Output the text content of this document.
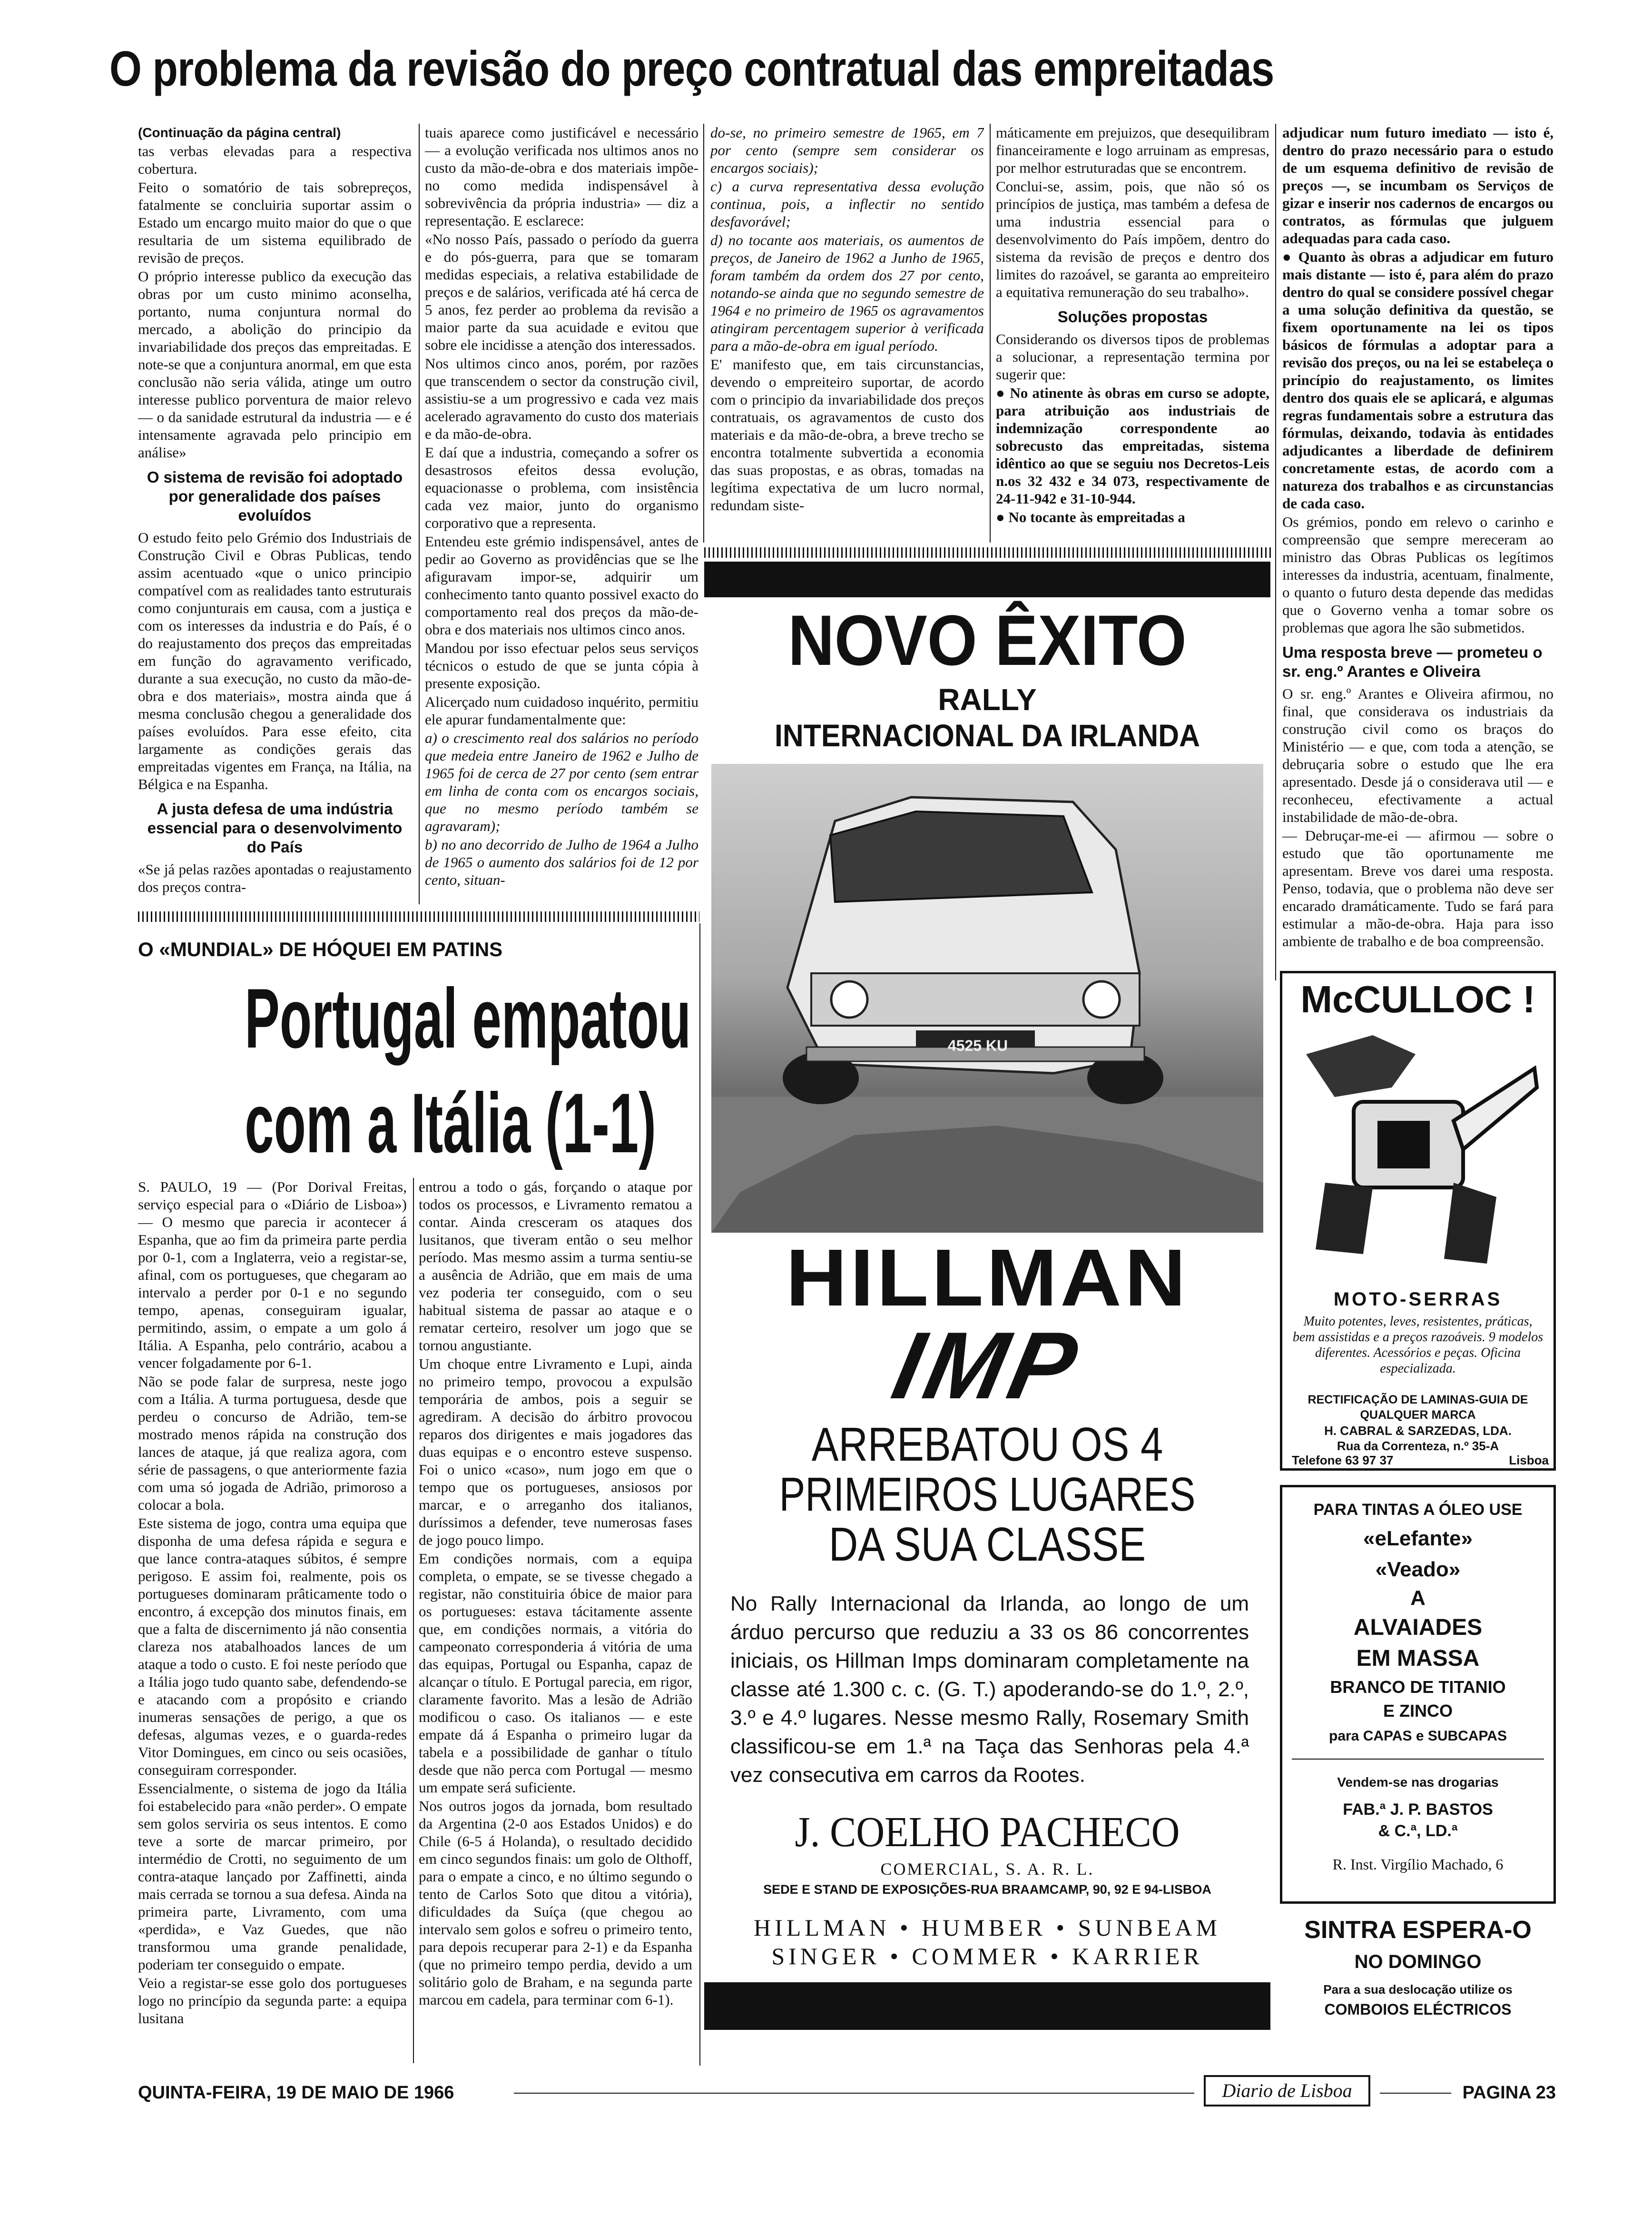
O problema da revisão do preço contratual das empreitadas

(Continuação da página central)

tas verbas elevadas para a respectiva cobertura.

Feito o somatório de tais sobrepreços, fatalmente se concluiria suportar assim o Estado um encargo muito maior do que o que resultaria de um sistema equilibrado de revisão de preços.

O próprio interesse publico da execução das obras por um custo minimo aconselha, portanto, numa conjuntura normal do mercado, a abolição do principio da invariabilidade dos preços das empreitadas. E note-se que a conjuntura anormal, em que esta conclusão não seria válida, atinge um outro interesse publico porventura de maior relevo — o da sanidade estrutural da industria — e é intensamente agravada pelo principio em análise»

O sistema de revisão foi adoptado por generalidade dos países evoluídos

O estudo feito pelo Grémio dos Industriais de Construção Civil e Obras Publicas, tendo assim acentuado «que o unico principio compatível com as realidades tanto estruturais como conjunturais em causa, com a justiça e com os interesses da industria e do País, é o do reajustamento dos preços das empreitadas em função do agravamento verificado, durante a sua execução, no custo da mão-de-obra e dos materiais», mostra ainda que á mesma conclusão chegou a generalidade dos países evoluídos. Para esse efeito, cita largamente as condições gerais das empreitadas vigentes em França, na Itália, na Bélgica e na Espanha.

A justa defesa de uma indústria essencial para o desenvolvimento do País

«Se já pelas razões apontadas o reajustamento dos preços contra-

tuais aparece como justificável e necessário — a evolução verificada nos ultimos anos no custo da mão-de-obra e dos materiais impõe-no como medida indispensável à sobrevivência da própria industria» — diz a representação. E esclarece:

«No nosso País, passado o período da guerra e do pós-guerra, para que se tomaram medidas especiais, a relativa estabilidade de preços e de salários, verificada até há cerca de 5 anos, fez perder ao problema da revisão a maior parte da sua acuidade e evitou que sobre ele incidisse a atenção dos interessados.

Nos ultimos cinco anos, porém, por razões que transcendem o sector da construção civil, assistiu-se a um progressivo e cada vez mais acelerado agravamento do custo dos materiais e da mão-de-obra.

E daí que a industria, começando a sofrer os desastrosos efeitos dessa evolução, equacionasse o problema, com insistência cada vez maior, junto do organismo corporativo que a representa.

Entendeu este grémio indispensável, antes de pedir ao Governo as providências que se lhe afiguravam impor-se, adquirir um conhecimento tanto quanto possivel exacto do comportamento real dos preços da mão-de-obra e dos materiais nos ultimos cinco anos.

Mandou por isso efectuar pelos seus serviços técnicos o estudo de que se junta cópia à presente exposição.

Alicerçado num cuidadoso inquérito, permitiu ele apurar fundamentalmente que:

a) o crescimento real dos salários no período que medeia entre Janeiro de 1962 e Julho de 1965 foi de cerca de 27 por cento (sem entrar em linha de conta com os encargos sociais, que no mesmo período também se agravaram);

b) no ano decorrido de Julho de 1964 a Julho de 1965 o aumento dos salários foi de 12 por cento, situan-

do-se, no primeiro semestre de 1965, em 7 por cento (sempre sem considerar os encargos sociais);

c) a curva representativa dessa evolução continua, pois, a inflectir no sentido desfavorável;

d) no tocante aos materiais, os aumentos de preços, de Janeiro de 1962 a Junho de 1965, foram também da ordem dos 27 por cento, notando-se ainda que no segundo semestre de 1964 e no primeiro de 1965 os agravamentos atingiram percentagem superior à verificada para a mão-de-obra em igual período.

E' manifesto que, em tais circunstancias, devendo o empreiteiro suportar, de acordo com o principio da invariabilidade dos preços contratuais, os agravamentos de custo dos materiais e da mão-de-obra, a breve trecho se encontra totalmente subvertida a economia das suas propostas, e as obras, tomadas na legítima expectativa de um lucro normal, redundam siste-

máticamente em prejuizos, que desequilibram financeiramente e logo arruinam as empresas, por melhor estruturadas que se encontrem.

Conclui-se, assim, pois, que não só os princípios de justiça, mas também a defesa de uma industria essencial para o desenvolvimento do País impõem, dentro do sistema da revisão de preços e dentro dos limites do razoável, se garanta ao empreiteiro a equitativa remuneração do seu trabalho».

Soluções propostas

Considerando os diversos tipos de problemas a solucionar, a representação termina por sugerir que:

● No atinente às obras em curso se adopte, para atribuição aos industriais de indemnização correspondente ao sobrecusto das empreitadas, sistema idêntico ao que se seguiu nos Decretos-Leis n.os 32 432 e 34 073, respectivamente de 24-11-942 e 31-10-944.

● No tocante às empreitadas a

adjudicar num futuro imediato — isto é, dentro do prazo necessário para o estudo de um esquema definitivo de revisão de preços —, se incumbam os Serviços de gizar e inserir nos cadernos de encargos ou contratos, as fórmulas que julguem adequadas para cada caso.

● Quanto às obras a adjudicar em futuro mais distante — isto é, para além do prazo dentro do qual se considere possível chegar a uma solução definitiva da questão, se fixem oportunamente na lei os tipos básicos de fórmulas a adoptar para a revisão dos preços, ou na lei se estabeleça o princípio do reajustamento, os limites dentro dos quais ele se aplicará, e algumas regras fundamentais sobre a estrutura das fórmulas, deixando, todavia às entidades adjudicantes a liberdade de definirem concretamente estas, de acordo com a natureza dos trabalhos e as circunstancias de cada caso.

Os grémios, pondo em relevo o carinho e compreensão que sempre mereceram ao ministro das Obras Publicas os legítimos interesses da industria, acentuam, finalmente, o quanto o futuro desta depende das medidas que o Governo venha a tomar sobre os problemas que agora lhe são submetidos.

Uma resposta breve — prometeu o sr. eng.º Arantes e Oliveira

O sr. eng.º Arantes e Oliveira afirmou, no final, que considerava os industriais da construção civil como os braços do Ministério — e que, com toda a atenção, se debruçaria sobre o estudo que lhe era apresentado. Desde já o considerava util — e reconheceu, efectivamente a actual instabilidade de mão-de-obra.

— Debruçar-me-ei — afirmou — sobre o estudo que tão oportunamente me apresentam. Breve vos darei uma resposta. Penso, todavia, que o problema não deve ser encarado dramáticamente. Tudo se fará para estimular a mão-de-obra. Haja para isso ambiente de trabalho e de boa compreensão.

O «MUNDIAL» DE HÓQUEI EM PATINS
Portugal empatou
com a Itália (1-1)

S. PAULO, 19 — (Por Dorival Freitas, serviço especial para o «Diário de Lisboa») — O mesmo que parecia ir acontecer á Espanha, que ao fim da primeira parte perdia por 0-1, com a Inglaterra, veio a registar-se, afinal, com os portugueses, que chegaram ao intervalo a perder por 0-1 e no segundo tempo, apenas, conseguiram igualar, permitindo, assim, o empate a um golo á Itália. A Espanha, pelo contrário, acabou a vencer folgadamente por 6-1.

Não se pode falar de surpresa, neste jogo com a Itália. A turma portuguesa, desde que perdeu o concurso de Adrião, tem-se mostrado menos rápida na construção dos lances de ataque, já que realiza agora, com série de passagens, o que anteriormente fazia com uma só jogada de Adrião, primoroso a colocar a bola.

Este sistema de jogo, contra uma equipa que disponha de uma defesa rápida e segura e que lance contra-ataques súbitos, é sempre perigoso. E assim foi, realmente, pois os portugueses dominaram prâticamente todo o encontro, á excepção dos minutos finais, em que a falta de discernimento já não consentia clareza nos atabalhoados lances de um ataque a todo o custo. E foi neste período que a Itália jogo tudo quanto sabe, defendendo-se e atacando com a propósito e criando inumeras sensações de perigo, a que os defesas, algumas vezes, e o guarda-redes Vitor Domingues, em cinco ou seis ocasiões, conseguiram corresponder.

Essencialmente, o sistema de jogo da Itália foi estabelecido para «não perder». O empate sem golos serviria os seus intentos. E como teve a sorte de marcar primeiro, por intermédio de Crotti, no seguimento de um contra-ataque lançado por Zaffinetti, ainda mais cerrada se tornou a sua defesa. Ainda na primeira parte, Livramento, com uma «perdida», e Vaz Guedes, que não transformou uma grande penalidade, poderiam ter conseguido o empate.

Veio a registar-se esse golo dos portugueses logo no princípio da segunda parte: a equipa lusitana

entrou a todo o gás, forçando o ataque por todos os processos, e Livramento rematou a contar. Ainda cresceram os ataques dos lusitanos, que tiveram então o seu melhor período. Mas mesmo assim a turma sentiu-se a ausência de Adrião, que em mais de uma vez poderia ter conseguido, com o seu habitual sistema de passar ao ataque e o rematar certeiro, resolver um jogo que se tornou angustiante.

Um choque entre Livramento e Lupi, ainda no primeiro tempo, provocou a expulsão temporária de ambos, pois a seguir se agrediram. A decisão do árbitro provocou reparos dos dirigentes e mais jogadores das duas equipas e o encontro esteve suspenso. Foi o unico «caso», num jogo em que o tempo que os portugueses, ansiosos por marcar, e o arreganho dos italianos, duríssimos a defender, teve numerosas fases de jogo pouco limpo.

Em condições normais, com a equipa completa, o empate, se se tivesse chegado a registar, não constituiria óbice de maior para os portugueses: estava tácitamente assente que, em condições normais, a vitória do campeonato corresponderia á vitória de uma das equipas, Portugal ou Espanha, capaz de alcançar o título. E Portugal parecia, em rigor, claramente favorito. Mas a lesão de Adrião modificou o caso. Os italianos — e este empate dá á Espanha o primeiro lugar da tabela e a possibilidade de ganhar o título desde que não perca com Portugal — mesmo um empate será suficiente.

Nos outros jogos da jornada, bom resultado da Argentina (2-0 aos Estados Unidos) e do Chile (6-5 á Holanda), o resultado decidido em cinco segundos finais: um golo de Olthoff, para o empate a cinco, e no último segundo o tento de Carlos Soto que ditou a vitória), dificuldades da Suíça (que chegou ao intervalo sem golos e sofreu o primeiro tento, para depois recuperar para 2-1) e da Espanha (que no primeiro tempo perdia, devido a um solitário golo de Braham, e na segunda parte marcou em cadela, para terminar com 6-1).

NOVO ÊXITO
RALLY
INTERNACIONAL DA IRLANDA
4525 KU
HILLMAN
IMP
ARREBATOU OS 4
PRIMEIROS LUGARES
DA SUA CLASSE
No Rally Internacional da Irlanda, ao longo de um árduo percurso que reduziu a 33 os 86 concorrentes iniciais, os Hillman Imps dominaram completamente na classe até 1.300 c. c. (G. T.) apoderando-se do 1.º, 2.º, 3.º e 4.º lugares. Nesse mesmo Rally, Rosemary Smith classificou-se em 1.ª na Taça das Senhoras pela 4.ª vez consecutiva em carros da Rootes.
J. COELHO PACHECO
COMERCIAL, S. A. R. L.
SEDE E STAND DE EXPOSIÇÕES-RUA BRAAMCAMP, 90, 92 E 94-LISBOA
HILLMAN • HUMBER • SUNBEAM
SINGER • COMMER • KARRIER
McCULLOC !
MOTO-SERRAS
Muito potentes, leves, resistentes, práticas, bem assistidas e a preços razoáveis. 9 modelos diferentes. Acessórios e peças. Oficina especializada.
RECTIFICAÇÃO DE LAMINAS-GUIA DE QUALQUER MARCA
H. CABRAL & SARZEDAS, LDA.
Rua da Correnteza, n.º 35-A
Telefone 63 97 37	Lisboa
PARA TINTAS A ÓLEO USE
«eLefante»
«Veado»
A
ALVAIADES
EM MASSA
BRANCO DE TITANIO
E ZINCO
para CAPAS e SUBCAPAS
Vendem-se nas drogarias
FAB.ª J. P. BASTOS
& C.ª, LD.ª
R. Inst. Virgílio Machado, 6
SINTRA ESPERA-O
NO DOMINGO
Para a sua deslocação utilize os
COMBOIOS ELÉCTRICOS
QUINTA-FEIRA, 19 DE MAIO DE 1966	Diario de Lisboa	PAGINA 23
